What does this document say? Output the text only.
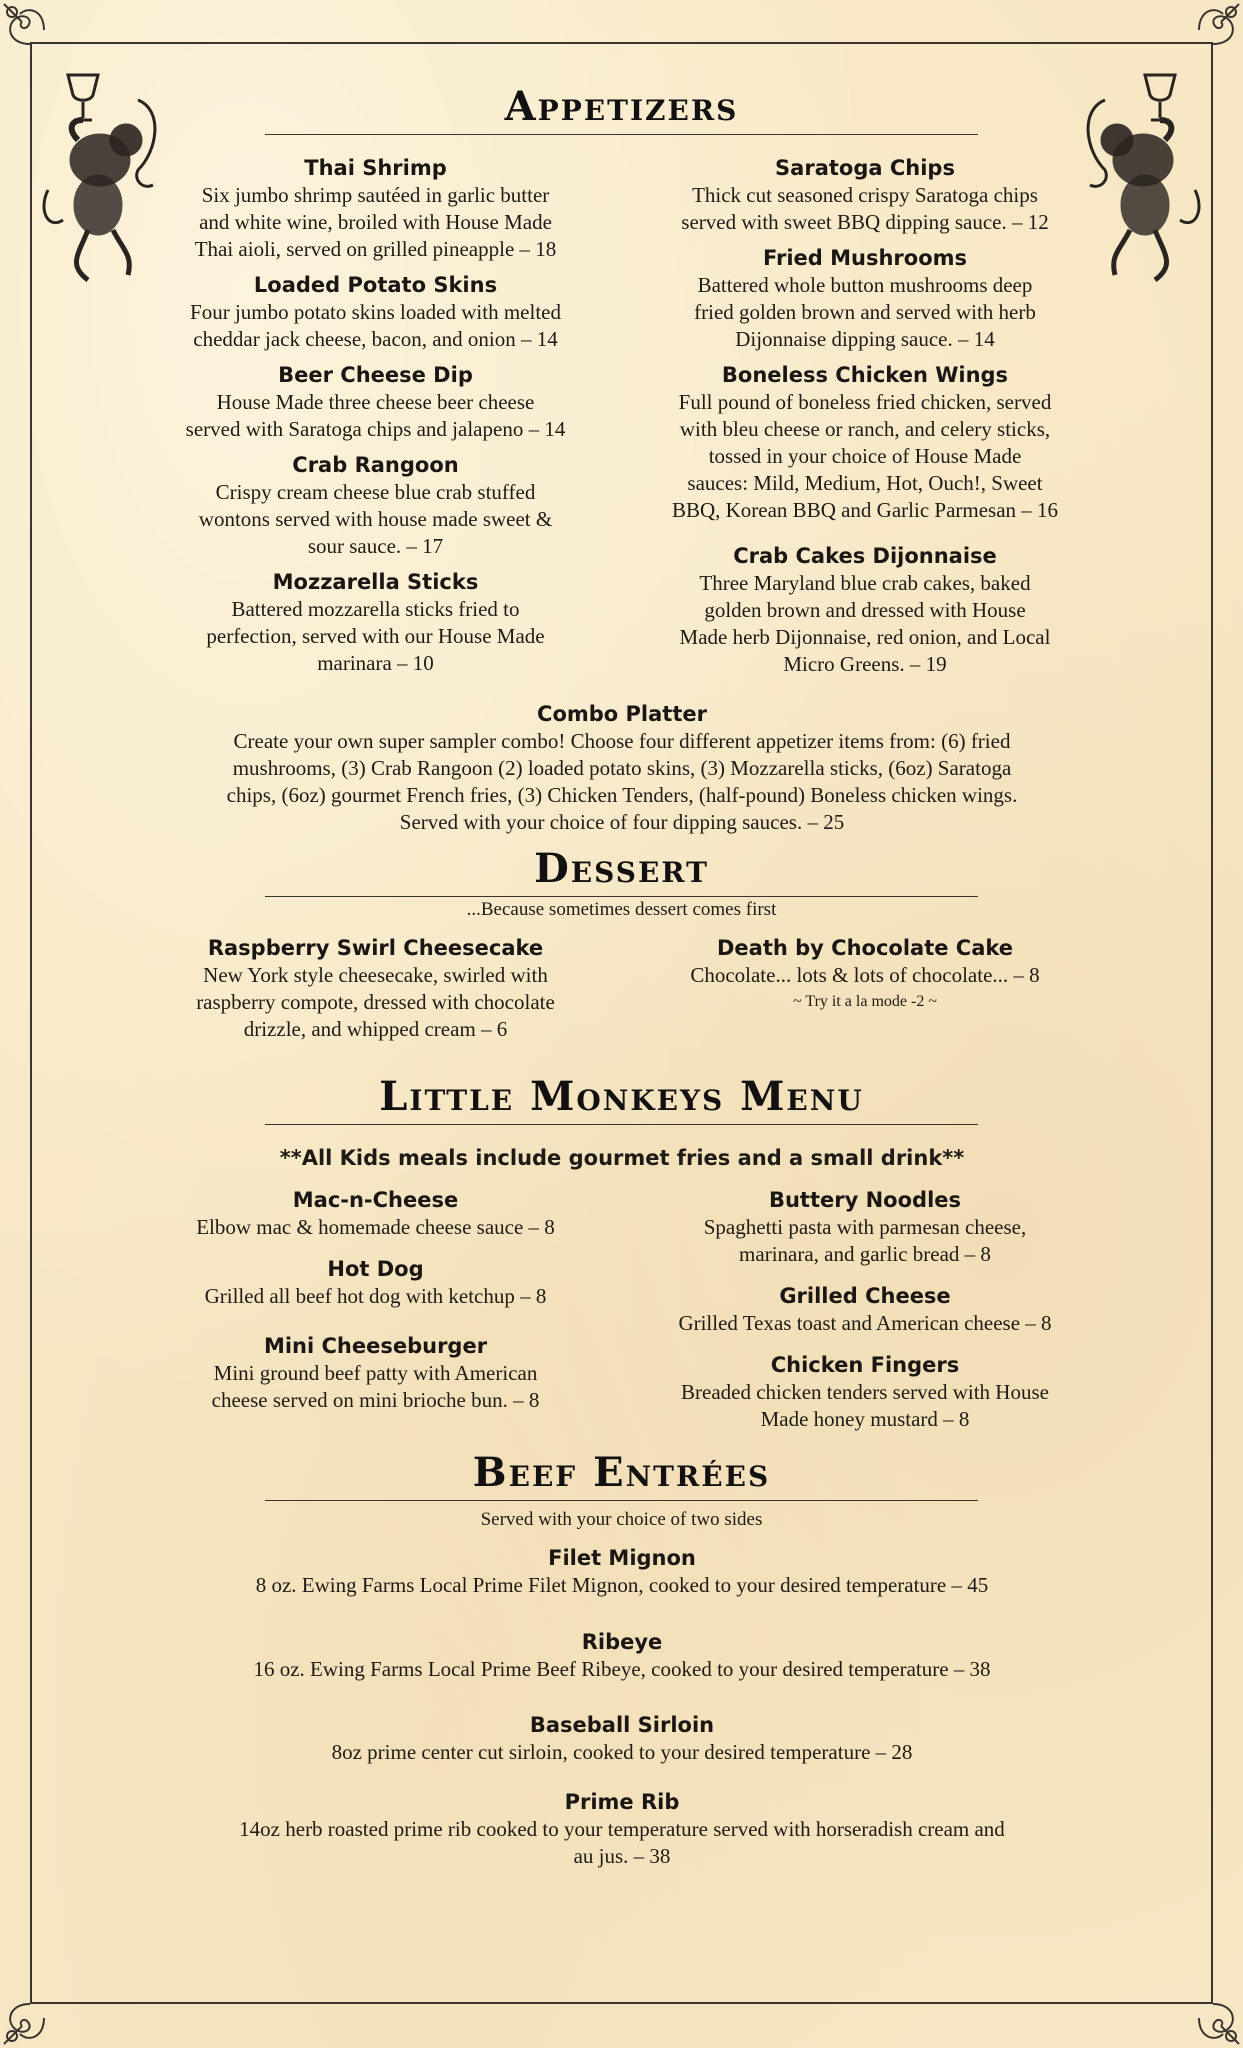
Appetizers
Thai Shrimp
Six jumbo shrimp sautéed in garlic butter
and white wine, broiled with House Made
Thai aioli, served on grilled pineapple – 18
Loaded Potato Skins
Four jumbo potato skins loaded with melted
cheddar jack cheese, bacon, and onion – 14
Beer Cheese Dip
House Made three cheese beer cheese
served with Saratoga chips and jalapeno – 14
Crab Rangoon
Crispy cream cheese blue crab stuffed
wontons served with house made sweet &
sour sauce. – 17
Mozzarella Sticks
Battered mozzarella sticks fried to
perfection, served with our House Made
marinara – 10
Saratoga Chips
Thick cut seasoned crispy Saratoga chips
served with sweet BBQ dipping sauce. – 12
Fried Mushrooms
Battered whole button mushrooms deep
fried golden brown and served with herb
Dijonnaise dipping sauce. – 14
Boneless Chicken Wings
Full pound of boneless fried chicken, served
with bleu cheese or ranch, and celery sticks,
tossed in your choice of House Made
sauces: Mild, Medium, Hot, Ouch!, Sweet
BBQ, Korean BBQ and Garlic Parmesan – 16
Crab Cakes Dijonnaise
Three Maryland blue crab cakes, baked
golden brown and dressed with House
Made herb Dijonnaise, red onion, and Local
Micro Greens. – 19
Combo Platter
Create your own super sampler combo! Choose four different appetizer items from: (6) fried
mushrooms, (3) Crab Rangoon (2) loaded potato skins, (3) Mozzarella sticks, (6oz) Saratoga
chips, (6oz) gourmet French fries, (3) Chicken Tenders, (half-pound) Boneless chicken wings.
Served with your choice of four dipping sauces. – 25
Dessert
...Because sometimes dessert comes first
Raspberry Swirl Cheesecake
New York style cheesecake, swirled with
raspberry compote, dressed with chocolate
drizzle, and whipped cream – 6
Death by Chocolate Cake
Chocolate... lots & lots of chocolate... – 8
~ Try it a la mode -2 ~
Little Monkeys Menu
**All Kids meals include gourmet fries and a small drink**
Mac-n-Cheese
Elbow mac & homemade cheese sauce – 8
Hot Dog
Grilled all beef hot dog with ketchup – 8
Mini Cheeseburger
Mini ground beef patty with American
cheese served on mini brioche bun. – 8
Buttery Noodles
Spaghetti pasta with parmesan cheese,
marinara, and garlic bread – 8
Grilled Cheese
Grilled Texas toast and American cheese – 8
Chicken Fingers
Breaded chicken tenders served with House
Made honey mustard – 8
Beef Entrées
Served with your choice of two sides
Filet Mignon
8 oz. Ewing Farms Local Prime Filet Mignon, cooked to your desired temperature – 45
Ribeye
16 oz. Ewing Farms Local Prime Beef Ribeye, cooked to your desired temperature – 38
Baseball Sirloin
8oz prime center cut sirloin, cooked to your desired temperature – 28
Prime Rib
14oz herb roasted prime rib cooked to your temperature served with horseradish cream and
au jus. – 38
